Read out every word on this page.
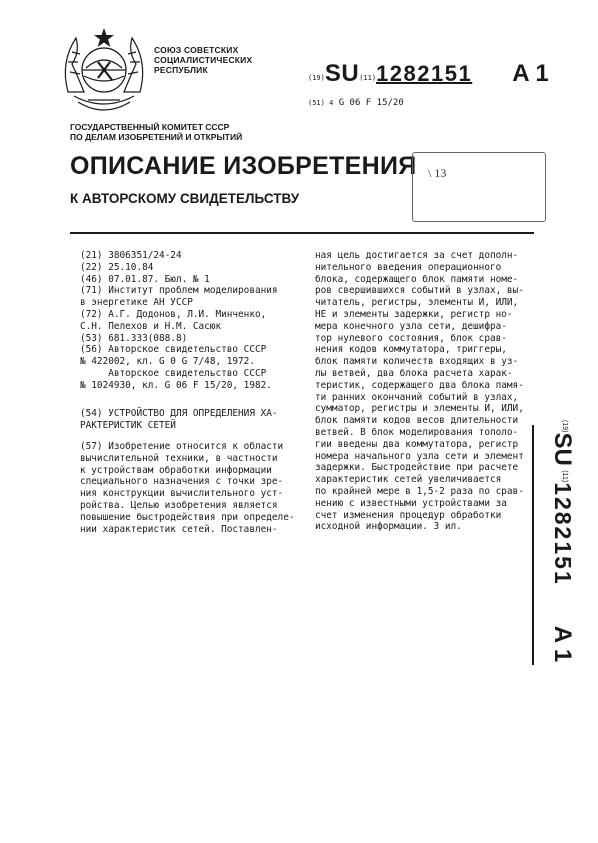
СОЮЗ СОВЕТСКИХ
СОЦИАЛИСТИЧЕСКИХ
РЕСПУБЛИК
(19)SU(11)1282151 A 1
(51) 4 G 06 F 15/20
ГОСУДАРСТВЕННЫЙ КОМИТЕТ СССР
ПО ДЕЛАМ ИЗОБРЕТЕНИЙ И ОТКРЫТИЙ
ОПИСАНИЕ ИЗОБРЕТЕНИЯ
К АВТОРСКОМУ СВИДЕТЕЛЬСТВУ
\ 13
(21) 3806351/24-24
(22) 25.10.84
(46) 07.01.87. Бюл. № 1
(71) Институт проблем моделирования
в энергетике АН УССР
(72) А.Г. Додонов, Л.И. Минченко,
С.Н. Пелехов и Н.М. Сасюк
(53) 681.333(088.8)
(56) Авторское свидетельство СССР
№ 422002, кл. G 0 G 7/48, 1972.
Авторское свидетельство СССР
№ 1024930, кл. G 06 F 15/20, 1982.
(54) УСТРОЙСТВО ДЛЯ ОПРЕДЕЛЕНИЯ ХА-
РАКТЕРИСТИК СЕТЕЙ
(57) Изобретение относится к области
вычислительной техники, в частности
к устройствам обработки информации
специального назначения с точки зре-
ния конструкции вычислительного уст-
ройства. Целью изобретения является
повышение быстродействия при определе-
нии характеристик сетей. Поставлен-
ная цель достигается за счет дополн-
нительного введения операционного
блока, содержащего блок памяти номе-
ров свершившихся событий в узлах, вы-
читатель, регистры, элементы И, ИЛИ,
НЕ и элементы задержки, регистр но-
мера конечного узла сети, дешифра-
тор нулевого состояния, блок срав-
нения кодов коммутатора, триггеры,
блок памяти количеств входящих в уз-
лы ветвей, два блока расчета харак-
теристик, содержащего два блока памя-
ти ранних окончаний событий в узлах,
сумматор, регистры и элементы И, ИЛИ,
блок памяти кодов весов длительности
ветвей. В блок моделирования тополо-
гии введены два коммутатора, регистр
номера начального узла сети и элемент
задержки. Быстродействие при расчете
характеристик сетей увеличивается
по крайней мере в 1,5-2 раза по срав-
нению с известными устройствами за
счет изменения процедур обработки
исходной информации. 3 ил.
$^{(19)}$SU $^{(11)}$1282151A 1
